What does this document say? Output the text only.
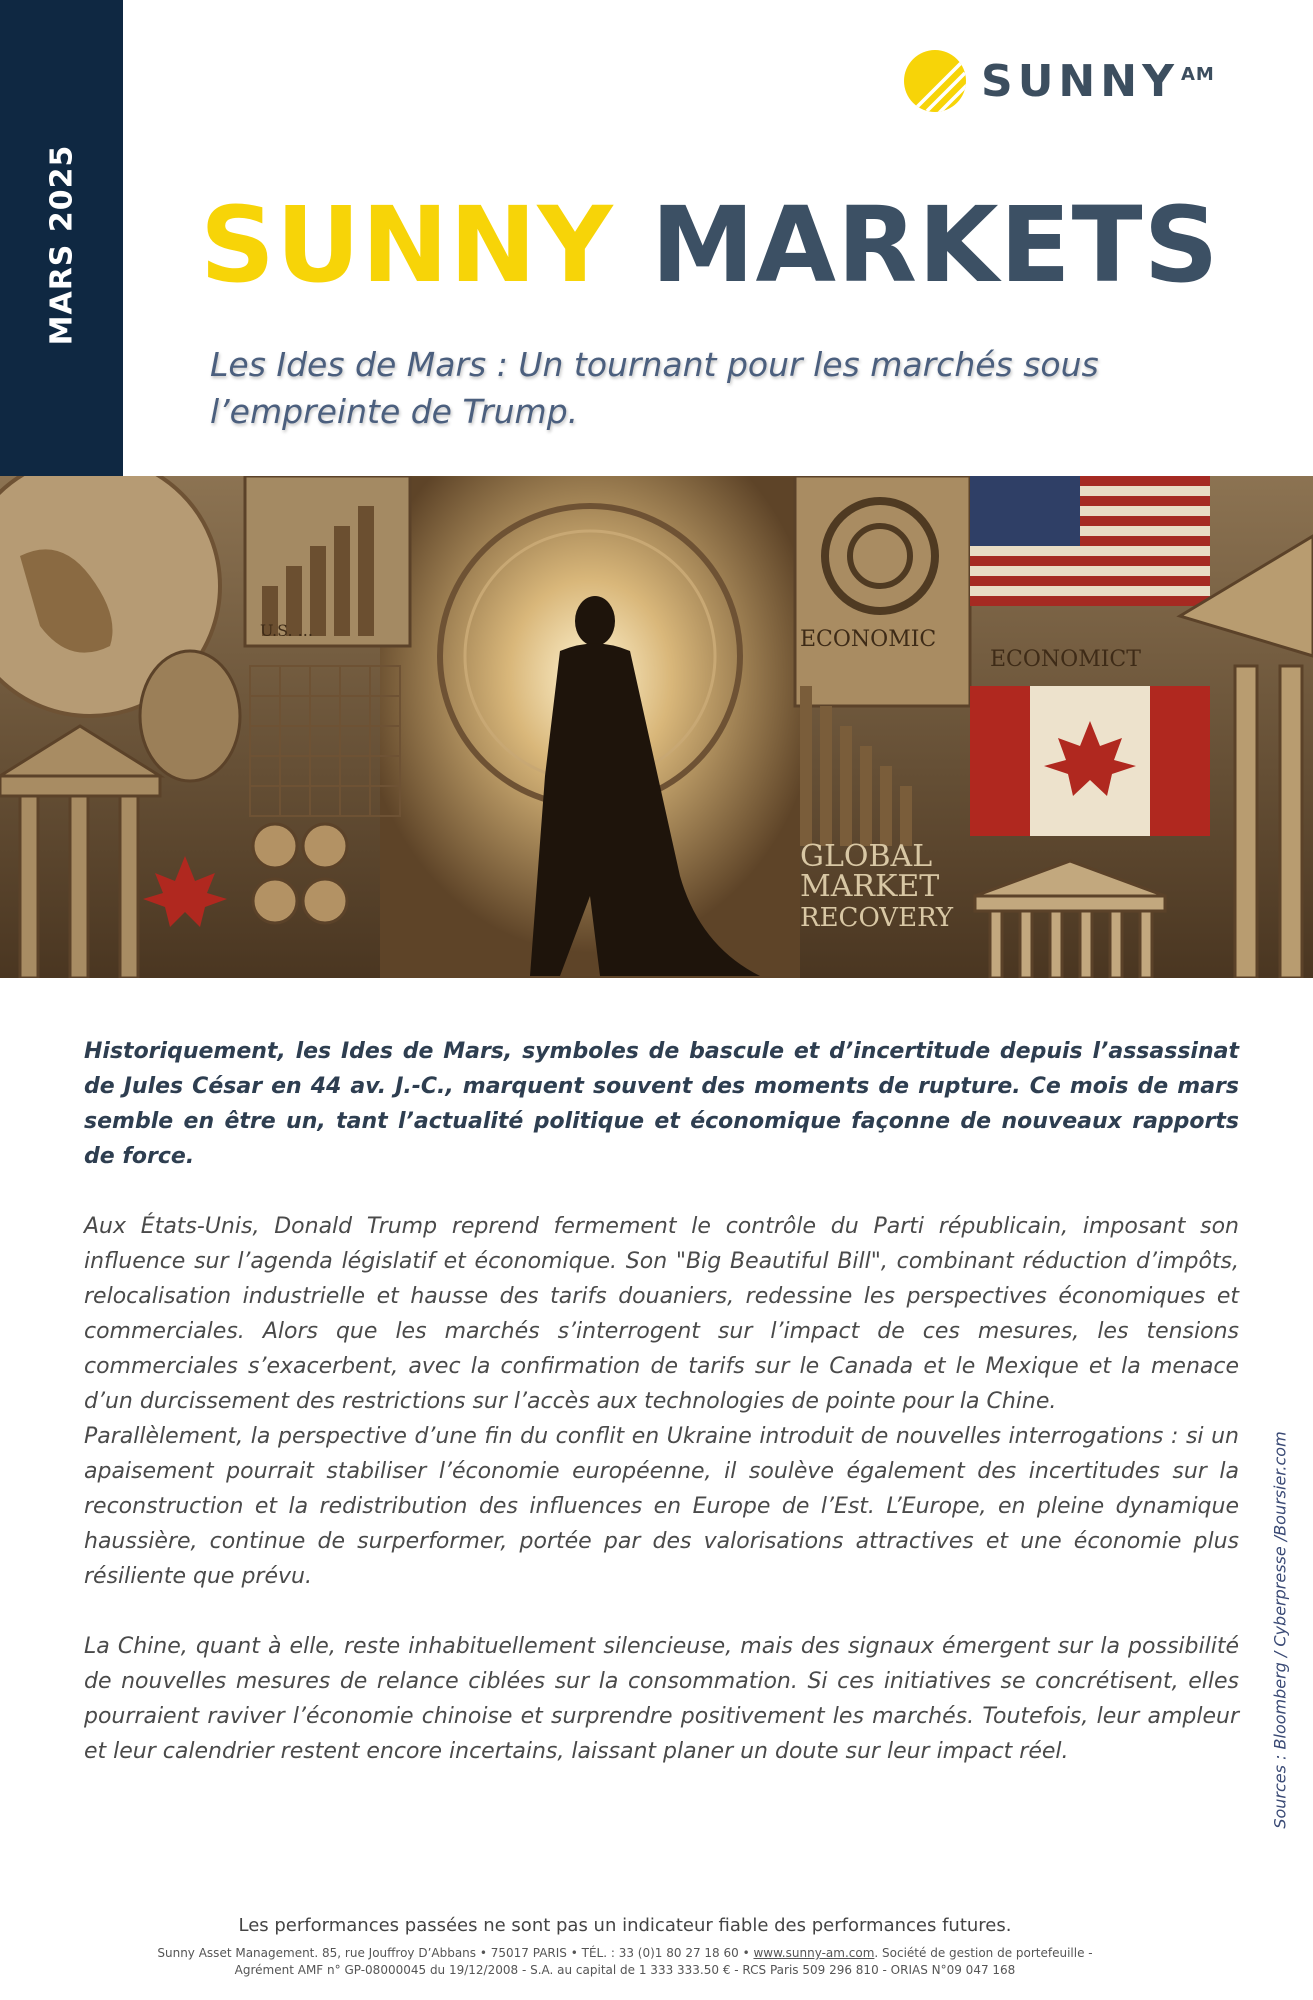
MARS 2025
SUNNY $^{AM}$
SUNNY MARKETS

Les Ides de Mars : Un tournant pour les marchés sous l’empreinte de Trump.

U.S. ...	ECONOMIC
ECONOMICT
GLOBAL
MARKET
RECOVERY

Historiquement, les Ides de Mars, symboles de bascule et d’incertitude depuis l’assassinat de Jules César en 44 av. J.-C., marquent souvent des moments de rupture. Ce mois de mars semble en être un, tant l’actualité politique et économique façonne de nouveaux rapports de force.

Aux États-Unis, Donald Trump reprend fermement le contrôle du Parti républicain, imposant son influence sur l’agenda législatif et économique. Son "Big Beautiful Bill", combinant réduction d’impôts, relocalisation industrielle et hausse des tarifs douaniers, redessine les perspectives économiques et commerciales. Alors que les marchés s’interrogent sur l’impact de ces mesures, les tensions commerciales s’exacerbent, avec la confirmation de tarifs sur le Canada et le Mexique et la menace d’un durcissement des restrictions sur l’accès aux technologies de pointe pour la Chine.

Parallèlement, la perspective d’une fin du conflit en Ukraine introduit de nouvelles interrogations : si un apaisement pourrait stabiliser l’économie européenne, il soulève également des incertitudes sur la reconstruction et la redistribution des influences en Europe de l’Est. L’Europe, en pleine dynamique haussière, continue de surperformer, portée par des valorisations attractives et une économie plus résiliente que prévu.

La Chine, quant à elle, reste inhabituellement silencieuse, mais des signaux émergent sur la possibilité de nouvelles mesures de relance ciblées sur la consommation. Si ces initiatives se concrétisent, elles pourraient raviver l’économie chinoise et surprendre positivement les marchés. Toutefois, leur ampleur et leur calendrier restent encore incertains, laissant planer un doute sur leur impact réel.	Sources : Bloomberg / Cyberpresse /Boursier.com
Les performances passées ne sont pas un indicateur fiable des performances futures.
Sunny Asset Management. 85, rue Jouffroy D’Abbans • 75017 PARIS • TÉL. : 33 (0)1 80 27 18 60 • www.sunny-am.com. Société de gestion de portefeuille -
Agrément AMF n° GP-08000045 du 19/12/2008 - S.A. au capital de 1 333 333.50 € - RCS Paris 509 296 810 - ORIAS N°09 047 168
